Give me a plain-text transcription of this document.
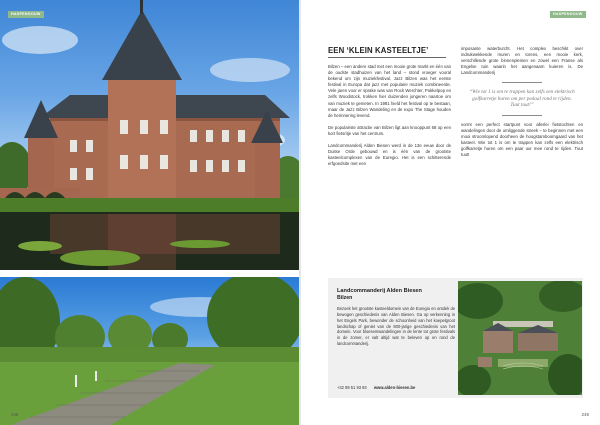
HASPENGOUW
246
HASPENGOUW
EEN ‘KLEIN KASTEELTJE’

Bilzen – een andere stad met een mooie grote markt en één van de oudste stadhuizen van het land – stond vroeger vooral bekend om zijn muziekfestival. Jazz Bilzen was het eerste festival in Europa dat jazz met populaire muziek combineerde. Vele jaren voor er sprake was van Rock Werchter, Pukkelpop en zelfs Woodstock, trokken hier duizenden jongeren naartoe om van muziek te genieten. In 1981 hield het festival op te bestaan, maar de Jazz Bilzen Wandeling en de expo The Stage houden de herinnering levend.

De populairste attractie van Bilzen ligt aan knooppunt 68 op een kort fietsritje van het centrum.

Landcommanderij Alden Biesen werd in de 13e eeuw door de Duitse Orde gebouwd en is één van de grootste kasteelcomplexen van de Euregio. Het is een schitterende erfgoedsite met een

imposante waterburcht. Het complex beschikt over indrukwekkende muren en torens, een mooie kerk, verschillende grote binnenpleinen en zowel een Franse als Engelse tuin waarin het aangenaam kuieren is. De Landcommanderij

“Wie tot 1 is om te trappen kan zelfs een elektrisch golfkarretje huren om per pedaal rond te rijden. Tuut tuut!”

vormt een perfect startpunt voor allerlei fietstochten en wandelingen door de omliggende streek – te beginnen met een mooi stroomlopend doorheen de hoogstamboomgaard van het kasteel. Wie tot 1 is om te trappen kan zelfs een elektrisch golfkarretje huren om een paar uur mee rond te rijden. Tuut tuut!

Landcommanderij Alden Biesen
Bilzen
Bezoek het grootste kasteeldomein van de Euregio en ontdek de bewogen geschiedenis van Alden Biesen. Ga op verkenning in het Engels Park, bewonder de schoonheid van het koepelgroot landschap of geniet van de 800-jarige geschiedenis van het domein. Voor bloesemwandelingen in de lente tot grote festivals in de zomer, er valt altijd wat te beleven op en rond de landcommanderij.
+32 89 51 93 93 www.alden-biesen.be
249
